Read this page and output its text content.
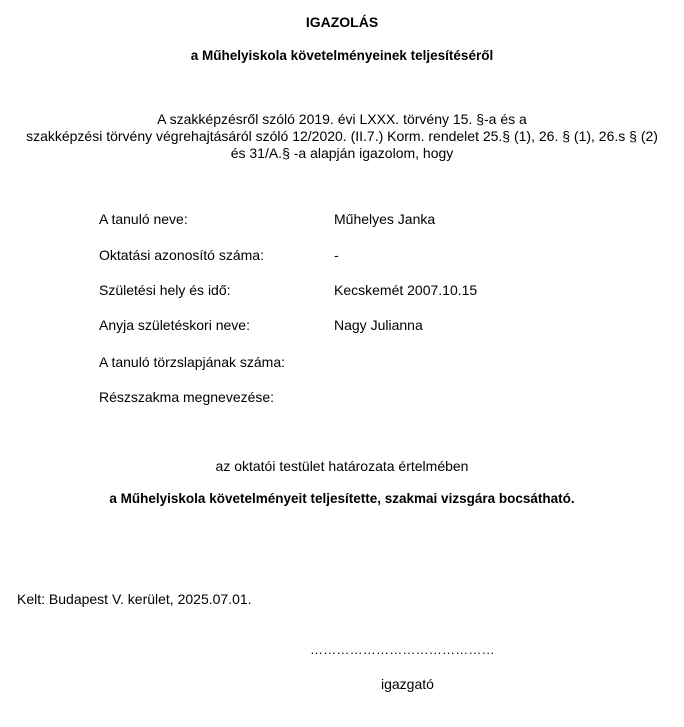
IGAZOLÁS
a Műhelyiskola követelményeinek teljesítéséről
A szakképzésről szóló 2019. évi LXXX. törvény 15. §-a és a
szakképzési törvény végrehajtásáról szóló 12/2020. (II.7.) Korm. rendelet 25.§ (1), 26. § (1), 26.s § (2)
és 31/A.§ -a alapján igazolom, hogy
A tanuló neve:	Műhelyes Janka
Oktatási azonosító száma:	-
Születési hely és idő:	Kecskemét 2007.10.15
Anyja születéskori neve:	Nagy Julianna
A tanuló törzslapjának száma:
Részszakma megnevezése:
az oktatói testület határozata értelmében
a Műhelyiskola követelményeit teljesítette, szakmai vizsgára bocsátható.
Kelt: Budapest V. kerület, 2025.07.01.
……………………………………
igazgató
